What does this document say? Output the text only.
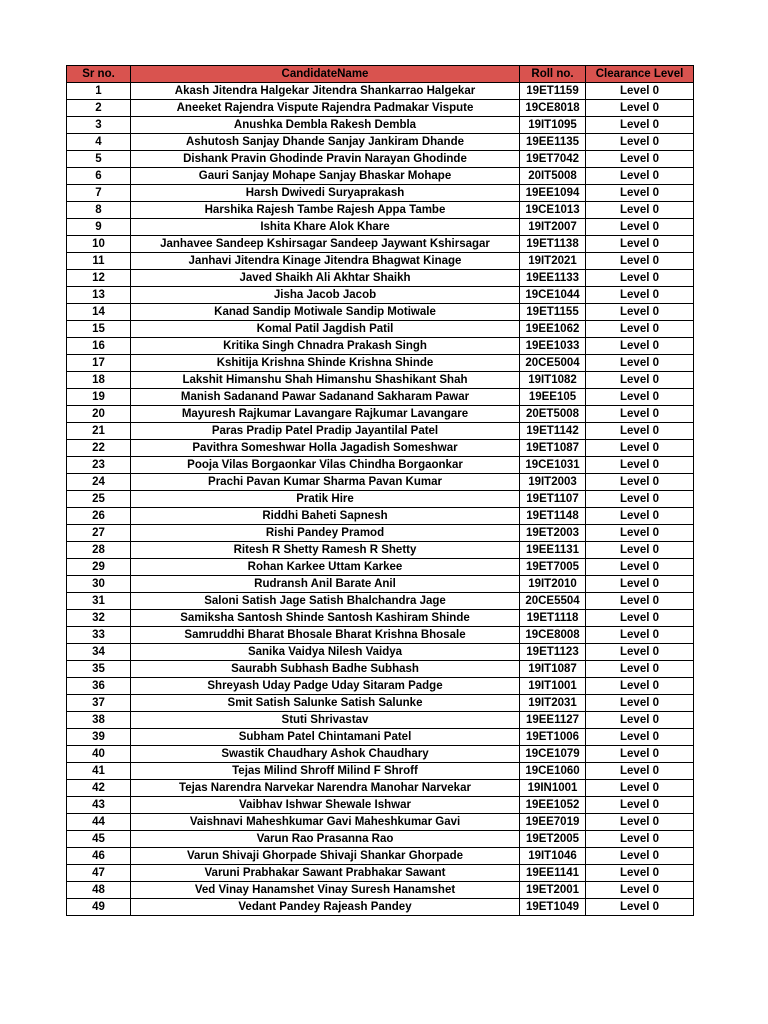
Sr no.	CandidateName	Roll no.	Clearance Level
1	Akash Jitendra Halgekar Jitendra Shankarrao Halgekar	19ET1159	Level 0
2	Aneeket Rajendra Vispute Rajendra Padmakar Vispute	19CE8018	Level 0
3	Anushka Dembla Rakesh Dembla	19IT1095	Level 0
4	Ashutosh Sanjay Dhande Sanjay Jankiram Dhande	19EE1135	Level 0
5	Dishank Pravin Ghodinde Pravin Narayan Ghodinde	19ET7042	Level 0
6	Gauri Sanjay Mohape Sanjay Bhaskar Mohape	20IT5008	Level 0
7	Harsh Dwivedi Suryaprakash	19EE1094	Level 0
8	Harshika Rajesh Tambe Rajesh Appa Tambe	19CE1013	Level 0
9	Ishita Khare Alok Khare	19IT2007	Level 0
10	Janhavee Sandeep Kshirsagar Sandeep Jaywant Kshirsagar	19ET1138	Level 0
11	Janhavi Jitendra Kinage Jitendra Bhagwat Kinage	19IT2021	Level 0
12	Javed Shaikh Ali Akhtar Shaikh	19EE1133	Level 0
13	Jisha Jacob Jacob	19CE1044	Level 0
14	Kanad Sandip Motiwale Sandip Motiwale	19ET1155	Level 0
15	Komal Patil Jagdish Patil	19EE1062	Level 0
16	Kritika Singh Chnadra Prakash Singh	19EE1033	Level 0
17	Kshitija Krishna Shinde Krishna Shinde	20CE5004	Level 0
18	Lakshit Himanshu Shah Himanshu Shashikant Shah	19IT1082	Level 0
19	Manish Sadanand Pawar Sadanand Sakharam Pawar	19EE105	Level 0
20	Mayuresh Rajkumar Lavangare Rajkumar Lavangare	20ET5008	Level 0
21	Paras Pradip Patel Pradip Jayantilal Patel	19ET1142	Level 0
22	Pavithra Someshwar Holla Jagadish Someshwar	19ET1087	Level 0
23	Pooja Vilas Borgaonkar Vilas Chindha Borgaonkar	19CE1031	Level 0
24	Prachi Pavan Kumar Sharma Pavan Kumar	19IT2003	Level 0
25	Pratik Hire	19ET1107	Level 0
26	Riddhi Baheti Sapnesh	19ET1148	Level 0
27	Rishi Pandey Pramod	19ET2003	Level 0
28	Ritesh R Shetty Ramesh R Shetty	19EE1131	Level 0
29	Rohan Karkee Uttam Karkee	19ET7005	Level 0
30	Rudransh Anil Barate Anil	19IT2010	Level 0
31	Saloni Satish Jage Satish Bhalchandra Jage	20CE5504	Level 0
32	Samiksha Santosh Shinde Santosh Kashiram Shinde	19ET1118	Level 0
33	Samruddhi Bharat Bhosale Bharat Krishna Bhosale	19CE8008	Level 0
34	Sanika Vaidya Nilesh Vaidya	19ET1123	Level 0
35	Saurabh Subhash Badhe Subhash	19IT1087	Level 0
36	Shreyash Uday Padge Uday Sitaram Padge	19IT1001	Level 0
37	Smit Satish Salunke Satish Salunke	19IT2031	Level 0
38	Stuti Shrivastav	19EE1127	Level 0
39	Subham Patel Chintamani Patel	19ET1006	Level 0
40	Swastik Chaudhary Ashok Chaudhary	19CE1079	Level 0
41	Tejas Milind Shroff Milind F Shroff	19CE1060	Level 0
42	Tejas Narendra Narvekar Narendra Manohar Narvekar	19IN1001	Level 0
43	Vaibhav Ishwar Shewale Ishwar	19EE1052	Level 0
44	Vaishnavi Maheshkumar Gavi Maheshkumar Gavi	19EE7019	Level 0
45	Varun Rao Prasanna Rao	19ET2005	Level 0
46	Varun Shivaji Ghorpade Shivaji Shankar Ghorpade	19IT1046	Level 0
47	Varuni Prabhakar Sawant Prabhakar Sawant	19EE1141	Level 0
48	Ved Vinay Hanamshet Vinay Suresh Hanamshet	19ET2001	Level 0
49	Vedant Pandey Rajeash Pandey	19ET1049	Level 0
